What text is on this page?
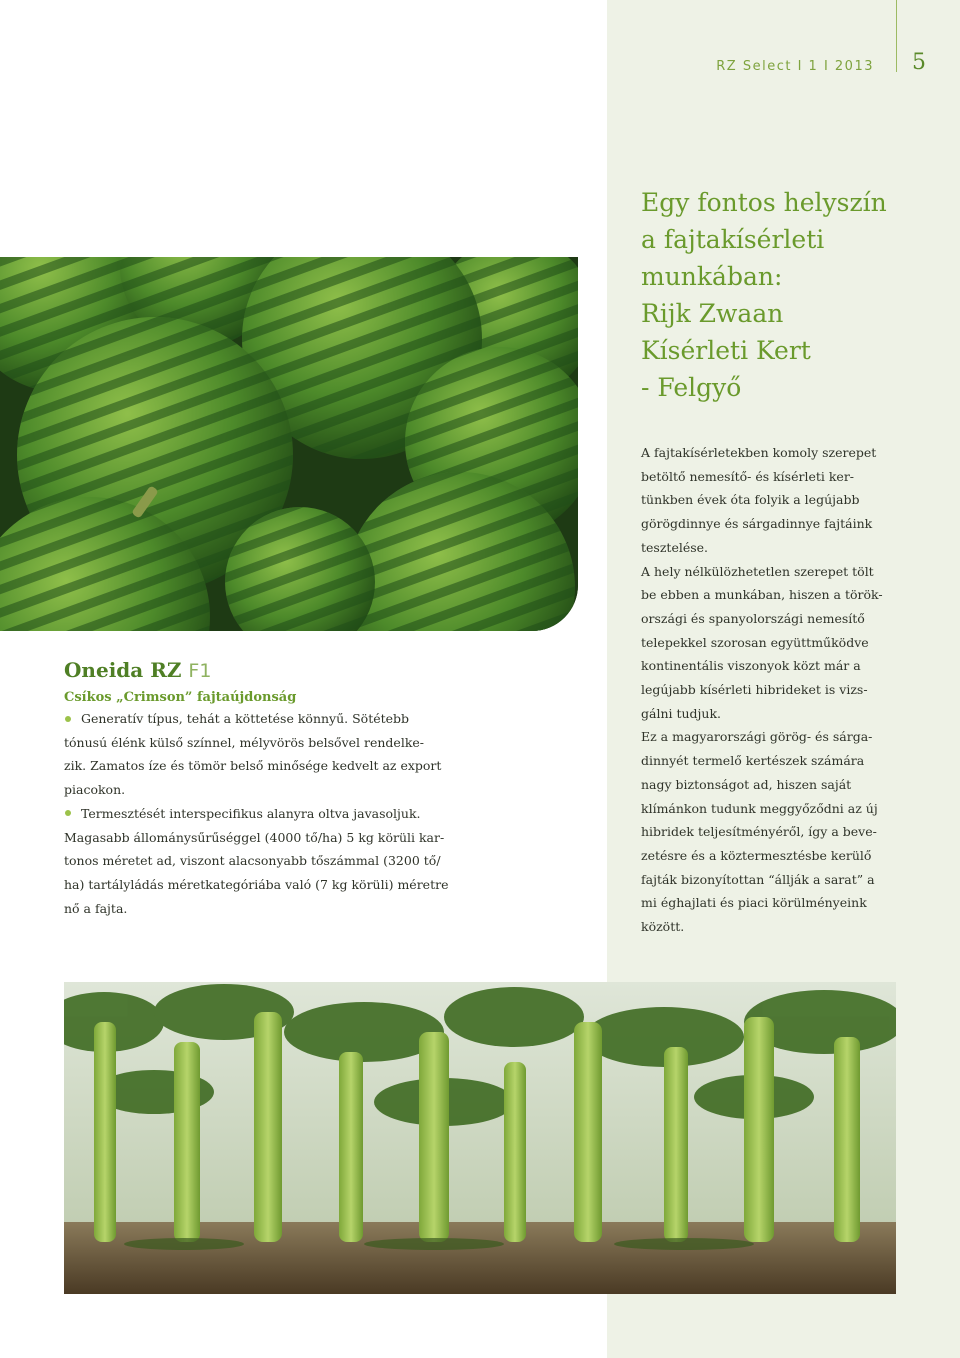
RZ Select I 1 I 2013 5
Egy fontos helyszín
a fajtakísérleti
munkában:
Rijk Zwaan
Kísérleti Kert
- Felgyő

A fajtakísérletekben komoly szerepet

betöltő nemesítő- és kísérleti ker-

tünkben évek óta folyik a legújabb

görögdinnye és sárgadinnye fajtáink

tesztelése.

A hely nélkülözhetetlen szerepet tölt

be ebben a munkában, hiszen a török-

országi és spanyolországi nemesítő

telepekkel szorosan együttműködve

kontinentális viszonyok közt már a

legújabb kísérleti hibrideket is vizs-

gálni tudjuk.

Ez a magyarországi görög- és sárga-

dinnyét termelő kertészek számára

nagy biztonságot ad, hiszen saját

klímánkon tudunk meggyőződni az új

hibridek teljesítményéről, így a beve-

zetésre és a köztermesztésbe kerülő

fajták bizonyítottan “állják a sarat” a

mi éghajlati és piaci körülményeink

között.

Oneida RZ F1
Csíkos „Crimson” fajtaújdonság

Generatív típus, tehát a köttetése könnyű. Sötétebb

tónusú élénk külső színnel, mélyvörös belsővel rendelke-

zik. Zamatos íze és tömör belső minősége kedvelt az export

piacokon.

Termesztését interspecifikus alanyra oltva javasoljuk.

Magasabb állománysűrűséggel (4000 tő/ha) 5 kg körüli kar-

tonos méretet ad, viszont alacsonyabb tőszámmal (3200 tő/

ha) tartályládás méretkategóriába való (7 kg körüli) méretre

nő a fajta.
